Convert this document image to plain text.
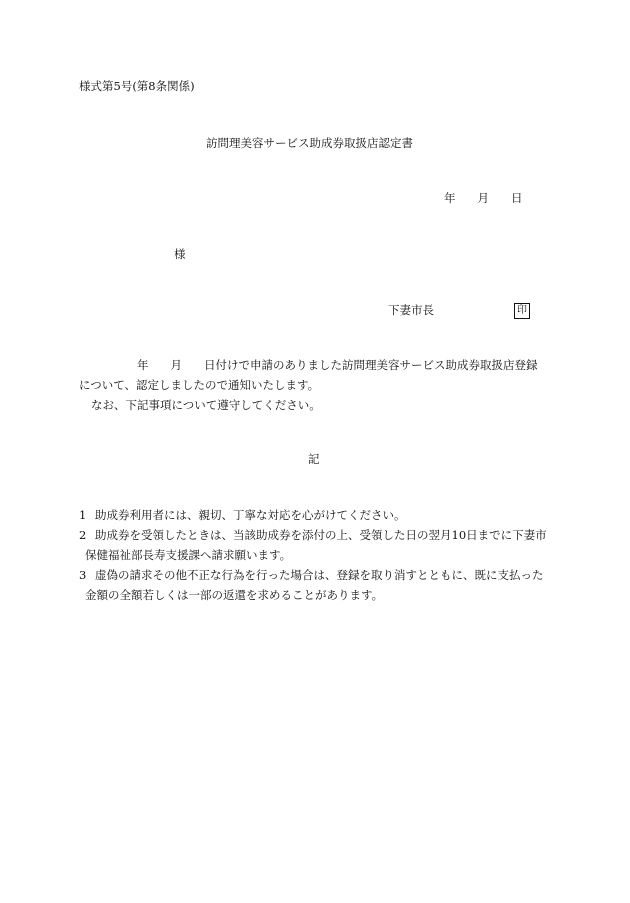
様式第5号(第8条関係)
訪問理美容サービス助成券取扱店認定書
年 月 日
様
下妻市長	印
年 月 日付けで申請のありました訪問理美容サービス助成券取扱店登録
について、認定しましたので通知いたします。
なお、下記事項について遵守してください。
記
1 助成券利用者には、親切、丁寧な対応を心がけてください。
2 助成券を受領したときは、当該助成券を添付の上、受領した日の翌月10日までに下妻市
保健福祉部長寿支援課へ請求願います。
3 虚偽の請求その他不正な行為を行った場合は、登録を取り消すとともに、既に支払った
金額の全額若しくは一部の返還を求めることがあります。
